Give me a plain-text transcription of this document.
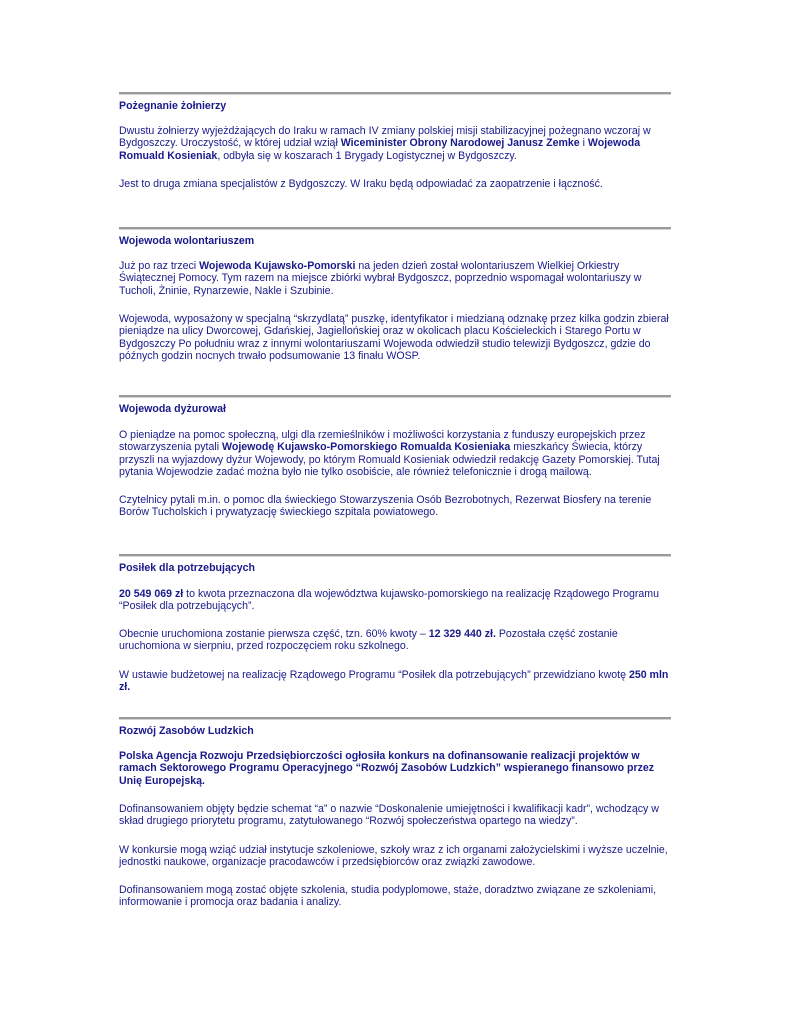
Pożegnanie żołnierzy

Dwustu żołnierzy wyjeżdżających do Iraku w ramach IV zmiany polskiej misji stabilizacyjnej pożegnano wczoraj w Bydgoszczy. Uroczystość, w której udział wziął Wiceminister Obrony Narodowej Janusz Zemke i Wojewoda Romuald Kosieniak, odbyła się w koszarach 1 Brygady Logistycznej w Bydgoszczy.

Jest to druga zmiana specjalistów z Bydgoszczy. W Iraku będą odpowiadać za zaopatrzenie i łączność.

Wojewoda wolontariuszem

Już po raz trzeci Wojewoda Kujawsko-Pomorski na jeden dzień został wolontariuszem Wielkiej Orkiestry Świątecznej Pomocy. Tym razem na miejsce zbiórki wybrał Bydgoszcz, poprzednio wspomagał wolontariuszy w Tucholi, Żninie, Rynarzewie, Nakle i Szubinie.

Wojewoda, wyposażony w specjalną “skrzydlatą” puszkę, identyfikator i miedzianą odznakę przez kilka godzin zbierał pieniądze na ulicy Dworcowej, Gdańskiej, Jagiellońskiej oraz w okolicach placu Kościeleckich i Starego Portu w Bydgoszczy Po południu wraz z innymi wolontariuszami Wojewoda odwiedził studio telewizji Bydgoszcz, gdzie do późnych godzin nocnych trwało podsumowanie 13 finału WOSP.

Wojewoda dyżurował

O pieniądze na pomoc społeczną, ulgi dla rzemieślników i możliwości korzystania z funduszy europejskich przez stowarzyszenia pytali Wojewodę Kujawsko-Pomorskiego Romualda Kosieniaka mieszkańcy Świecia, którzy przyszli na wyjazdowy dyżur Wojewody, po którym Romuald Kosieniak odwiedził redakcję Gazety Pomorskiej. Tutaj pytania Wojewodzie zadać można było nie tylko osobiście, ale również telefonicznie i drogą mailową.

Czytelnicy pytali m.in. o pomoc dla świeckiego Stowarzyszenia Osób Bezrobotnych, Rezerwat Biosfery na terenie Borów Tucholskich i prywatyzację świeckiego szpitala powiatowego.

Posiłek dla potrzebujących

20 549 069 zł to kwota przeznaczona dla województwa kujawsko-pomorskiego na realizację Rządowego Programu “Posiłek dla potrzebujących”.

Obecnie uruchomiona zostanie pierwsza część, tzn. 60% kwoty – 12 329 440 zł. Pozostała część zostanie uruchomiona w sierpniu, przed rozpoczęciem roku szkolnego.

W ustawie budżetowej na realizację Rządowego Programu “Posiłek dla potrzebujących” przewidziano kwotę 250 mln zł.

Rozwój Zasobów Ludzkich

Polska Agencja Rozwoju Przedsiębiorczości ogłosiła konkurs na dofinansowanie realizacji projektów w ramach Sektorowego Programu Operacyjnego “Rozwój Zasobów Ludzkich” wspieranego finansowo przez Unię Europejską.

Dofinansowaniem objęty będzie schemat “a” o nazwie “Doskonalenie umiejętności i kwalifikacji kadr”, wchodzący w skład drugiego priorytetu programu, zatytułowanego “Rozwój społeczeństwa opartego na wiedzy”.

W konkursie mogą wziąć udział instytucje szkoleniowe, szkoły wraz z ich organami założycielskimi i wyższe uczelnie, jednostki naukowe, organizacje pracodawców i przedsiębiorców oraz związki zawodowe.

Dofinansowaniem mogą zostać objęte szkolenia, studia podyplomowe, staże, doradztwo związane ze szkoleniami, informowanie i promocja oraz badania i analizy.
